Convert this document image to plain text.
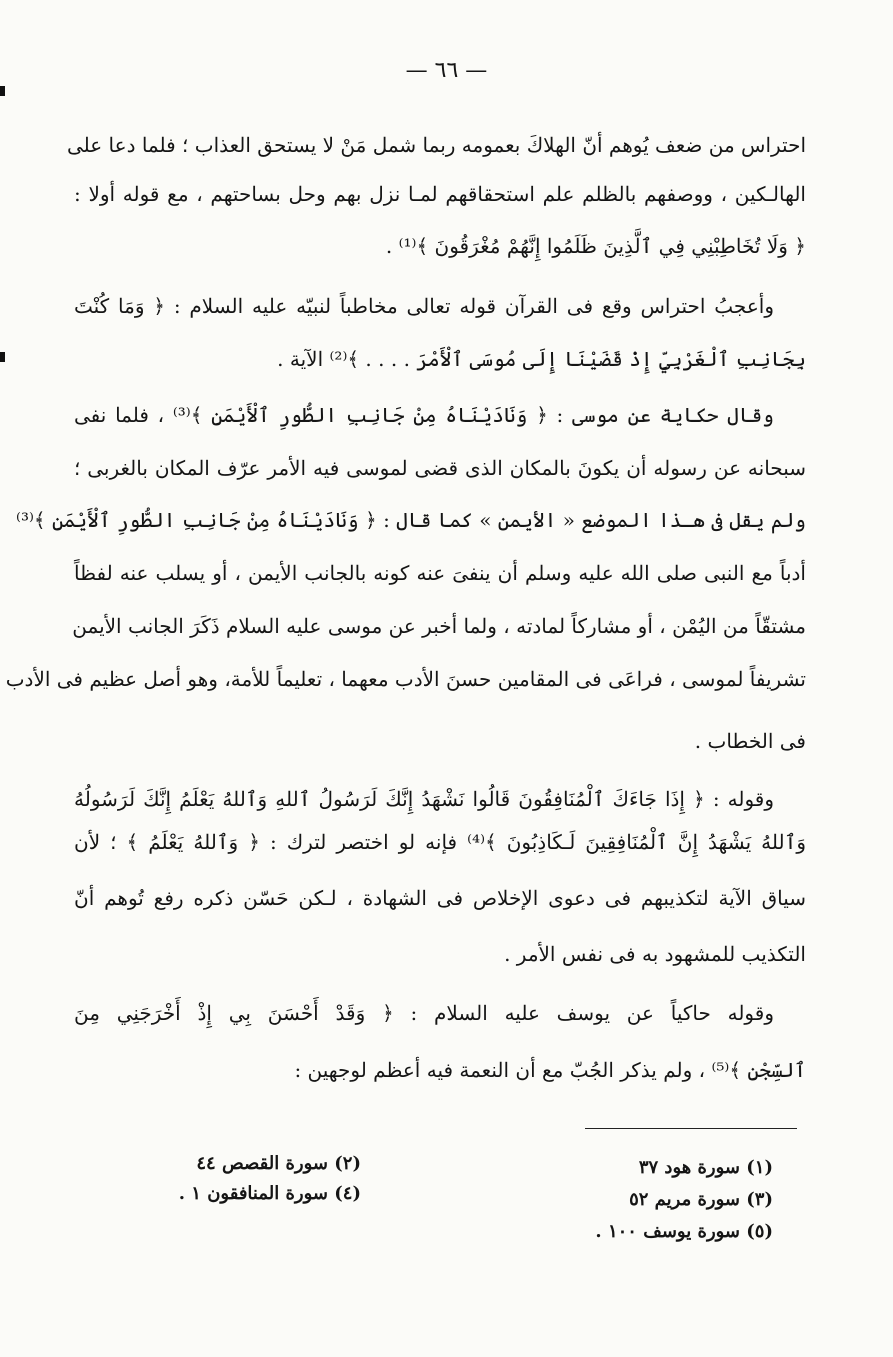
— ٦٦ —
احتراس من ضعف يُوهم أنّ الهلاكَ بعمومه ربما شمل مَنْ لا يستحق العذاب ؛ فلما دعا على
الهالـكين ، ووصفهم بالظلم علم استحقاقهم لمـا نزل بهم وحل بساحتهم ، مع قوله أولا :
﴿ وَلَا تُخَاطِبْنِي فِي ٱلَّذِينَ ظَلَمُوا إِنَّهُمْ مُغْرَقُونَ ﴾⁽¹⁾ .
وأعجبُ احتراس وقع فى القرآن قوله تعالى مخاطباً لنبيّه عليه السلام : ﴿ وَمَا كُنْتَ
بِجَانِبِ ٱلْغَرْبِيِّ إِذْ قَضَيْنَا إِلَى مُوسَى ٱلْأَمْرَ . . . . ﴾⁽²⁾ الآية .
وقال حكاية عن موسى : ﴿ وَنَادَيْنَاهُ مِنْ جَانِبِ الطُّورِ ٱلْأَيْمَنِ ﴾⁽³⁾ ، فلما نفى
سبحانه عن رسوله أن يكونَ بالمكان الذى قضى لموسى فيه الأمر عرّف المكان بالغربى ؛
ولم يقل فى هـذا الموضع « الأيمن » كما قال : ﴿ وَنَادَيْنَاهُ مِنْ جَانِبِ الطُّورِ ٱلْأَيْمَنِ ﴾⁽³⁾
أدباً مع النبى صلى الله عليه وسلم أن ينفىَ عنه كونه بالجانب الأيمن ، أو يسلب عنه لفظاً
مشتقّاً من اليُمْن ، أو مشاركاً لمادته ، ولما أخبر عن موسى عليه السلام ذَكَرَ الجانب الأيمن
تشريفاً لموسى ، فراعَى فى المقامين حسنَ الأدب معهما ، تعليماً للأمة، وهو أصل عظيم فى الأدب
فى الخطاب .
وقوله : ﴿ إِذَا جَاءَكَ ٱلْمُنَافِقُونَ قَالُوا نَشْهَدُ إِنَّكَ لَرَسُولُ ٱللهِ وَٱللهُ يَعْلَمُ إِنَّكَ لَرَسُولُهُ
وَٱللهُ يَشْهَدُ إِنَّ ٱلْمُنَافِقِينَ لَـكَاذِبُونَ ﴾⁽⁴⁾ فإنه لو اختصر لترك : ﴿ وَٱللهُ يَعْلَمُ ﴾ ؛ لأن
سياق الآية لتكذيبهم فى دعوى الإخلاص فى الشهادة ، لـكن حَسّن ذكره رفع تُوهم أنّ
التكذيب للمشهود به فى نفس الأمر .
وقوله حاكياً عن يوسف عليه السلام : ﴿ وَقَدْ أَحْسَنَ بِي إِذْ أَخْرَجَنِي مِنَ
ٱلسِّجْنِ ﴾⁽⁵⁾ ، ولم يذكر الجُبّ مع أن النعمة فيه أعظم لوجهين :
(١) سورة هود ٣٧
(٢) سورة القصص ٤٤
(٣) سورة مريم ٥٢
(٤) سورة المنافقون ١ .
(٥) سورة يوسف ١٠٠ .
